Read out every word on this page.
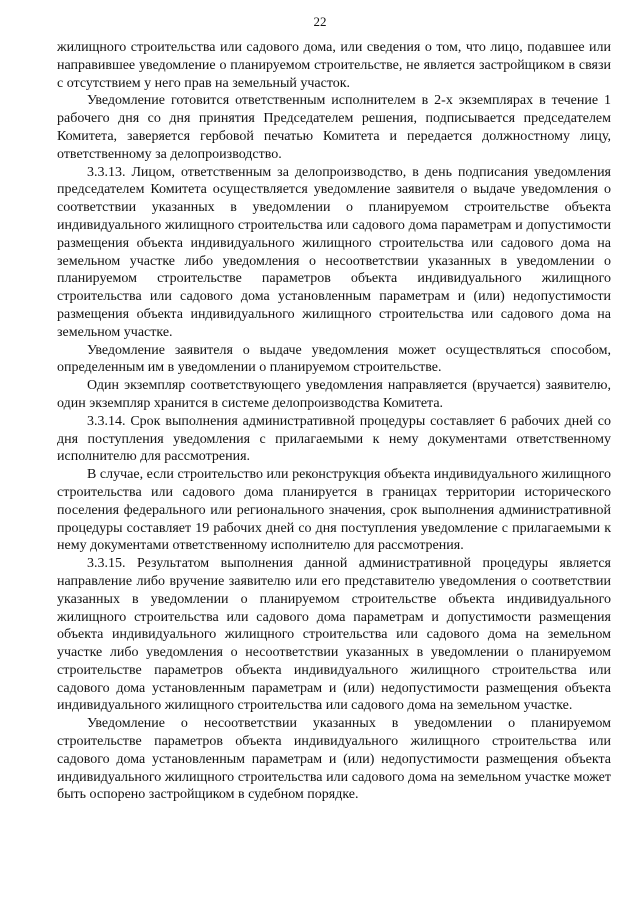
22

жилищного строительства или садового дома, или сведения о том, что лицо, подавшее или направившее уведомление о планируемом строительстве, не является застройщиком в связи с отсутствием у него прав на земельный участок.

Уведомление готовится ответственным исполнителем в 2-х экземплярах в течение 1 рабочего дня со дня принятия Председателем решения, подписывается председателем Комитета, заверяется гербовой печатью Комитета и передается должностному лицу, ответственному за делопроизводство.

3.3.13. Лицом, ответственным за делопроизводство, в день подписания уведомления председателем Комитета осуществляется уведомление заявителя о выдаче уведомления о соответствии указанных в уведомлении о планируемом строительстве объекта индивидуального жилищного строительства или садового дома параметрам и допустимости размещения объекта индивидуального жилищного строительства или садового дома на земельном участке либо уведомления о несоответствии указанных в уведомлении о планируемом строительстве параметров объекта индивидуального жилищного строительства или садового дома установленным параметрам и (или) недопустимости размещения объекта индивидуального жилищного строительства или садового дома на земельном участке.

Уведомление заявителя о выдаче уведомления может осуществляться способом, определенным им в уведомлении о планируемом строительстве.

Один экземпляр соответствующего уведомления направляется (вручается) заявителю, один экземпляр хранится в системе делопроизводства Комитета.

3.3.14. Срок выполнения административной процедуры составляет 6 рабочих дней со дня поступления уведомления с прилагаемыми к нему документами ответственному исполнителю для рассмотрения.

В случае, если строительство или реконструкция объекта индивидуального жилищного строительства или садового дома планируется в границах территории исторического поселения федерального или регионального значения, срок выполнения административной процедуры составляет 19 рабочих дней со дня поступления уведомление с прилагаемыми к нему документами ответственному исполнителю для рассмотрения.

3.3.15. Результатом выполнения данной административной процедуры является направление либо вручение заявителю или его представителю уведомления о соответствии указанных в уведомлении о планируемом строительстве объекта индивидуального жилищного строительства или садового дома параметрам и допустимости размещения объекта индивидуального жилищного строительства или садового дома на земельном участке либо уведомления о несоответствии указанных в уведомлении о планируемом строительстве параметров объекта индивидуального жилищного строительства или садового дома установленным параметрам и (или) недопустимости размещения объекта индивидуального жилищного строительства или садового дома на земельном участке.

Уведомление о несоответствии указанных в уведомлении о планируемом строительстве параметров объекта индивидуального жилищного строительства или садового дома установленным параметрам и (или) недопустимости размещения объекта индивидуального жилищного строительства или садового дома на земельном участке может быть оспорено застройщиком в судебном порядке.
